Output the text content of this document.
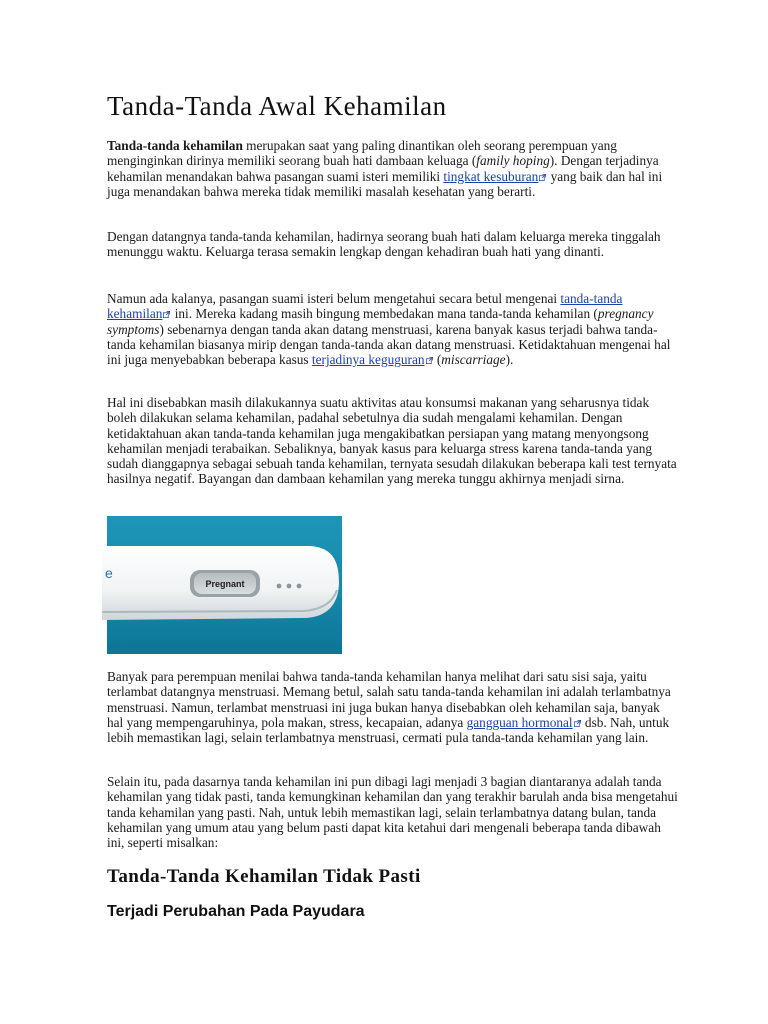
Tanda-Tanda Awal Kehamilan

Tanda-tanda kehamilan merupakan saat yang paling dinantikan oleh seorang perempuan yang menginginkan dirinya memiliki seorang buah hati dambaan keluaga (family hoping). Dengan terjadinya kehamilan menandakan bahwa pasangan suami isteri memiliki tingkat kesuburan yang baik dan hal ini juga menandakan bahwa mereka tidak memiliki masalah kesehatan yang berarti.

Dengan datangnya tanda-tanda kehamilan, hadirnya seorang buah hati dalam keluarga mereka tinggalah menunggu waktu. Keluarga terasa semakin lengkap dengan kehadiran buah hati yang dinanti.

Namun ada kalanya, pasangan suami isteri belum mengetahui secara betul mengenai tanda-tanda kehamilan ini. Mereka kadang masih bingung membedakan mana tanda-tanda kehamilan (pregnancy symptoms) sebenarnya dengan tanda akan datang menstruasi, karena banyak kasus terjadi bahwa tanda-tanda kehamilan biasanya mirip dengan tanda-tanda akan datang menstruasi. Ketidaktahuan mengenai hal ini juga menyebabkan beberapa kasus terjadinya keguguran (miscarriage).

Hal ini disebabkan masih dilakukannya suatu aktivitas atau konsumsi makanan yang seharusnya tidak boleh dilakukan selama kehamilan, padahal sebetulnya dia sudah mengalami kehamilan. Dengan ketidaktahuan akan tanda-tanda kehamilan juga mengakibatkan persiapan yang matang menyongsong kehamilan menjadi terabaikan. Sebaliknya, banyak kasus para keluarga stress karena tanda-tanda yang sudah dianggapnya sebagai sebuah tanda kehamilan, ternyata sesudah dilakukan beberapa kali test ternyata hasilnya negatif. Bayangan dan dambaan kehamilan yang mereka tunggu akhirnya menjadi sirna.

e
Pregnant

Banyak para perempuan menilai bahwa tanda-tanda kehamilan hanya melihat dari satu sisi saja, yaitu terlambat datangnya menstruasi. Memang betul, salah satu tanda-tanda kehamilan ini adalah terlambatnya menstruasi. Namun, terlambat menstruasi ini juga bukan hanya disebabkan oleh kehamilan saja, banyak hal yang mempengaruhinya, pola makan, stress, kecapaian, adanya gangguan hormonal dsb. Nah, untuk lebih memastikan lagi, selain terlambatnya menstruasi, cermati pula tanda-tanda kehamilan yang lain.

Selain itu, pada dasarnya tanda kehamilan ini pun dibagi lagi menjadi 3 bagian diantaranya adalah tanda kehamilan yang tidak pasti, tanda kemungkinan kehamilan dan yang terakhir barulah anda bisa mengetahui tanda kehamilan yang pasti. Nah, untuk lebih memastikan lagi, selain terlambatnya datang bulan, tanda kehamilan yang umum atau yang belum pasti dapat kita ketahui dari mengenali beberapa tanda dibawah ini, seperti misalkan:

Tanda-Tanda Kehamilan Tidak Pasti
Terjadi Perubahan Pada Payudara
